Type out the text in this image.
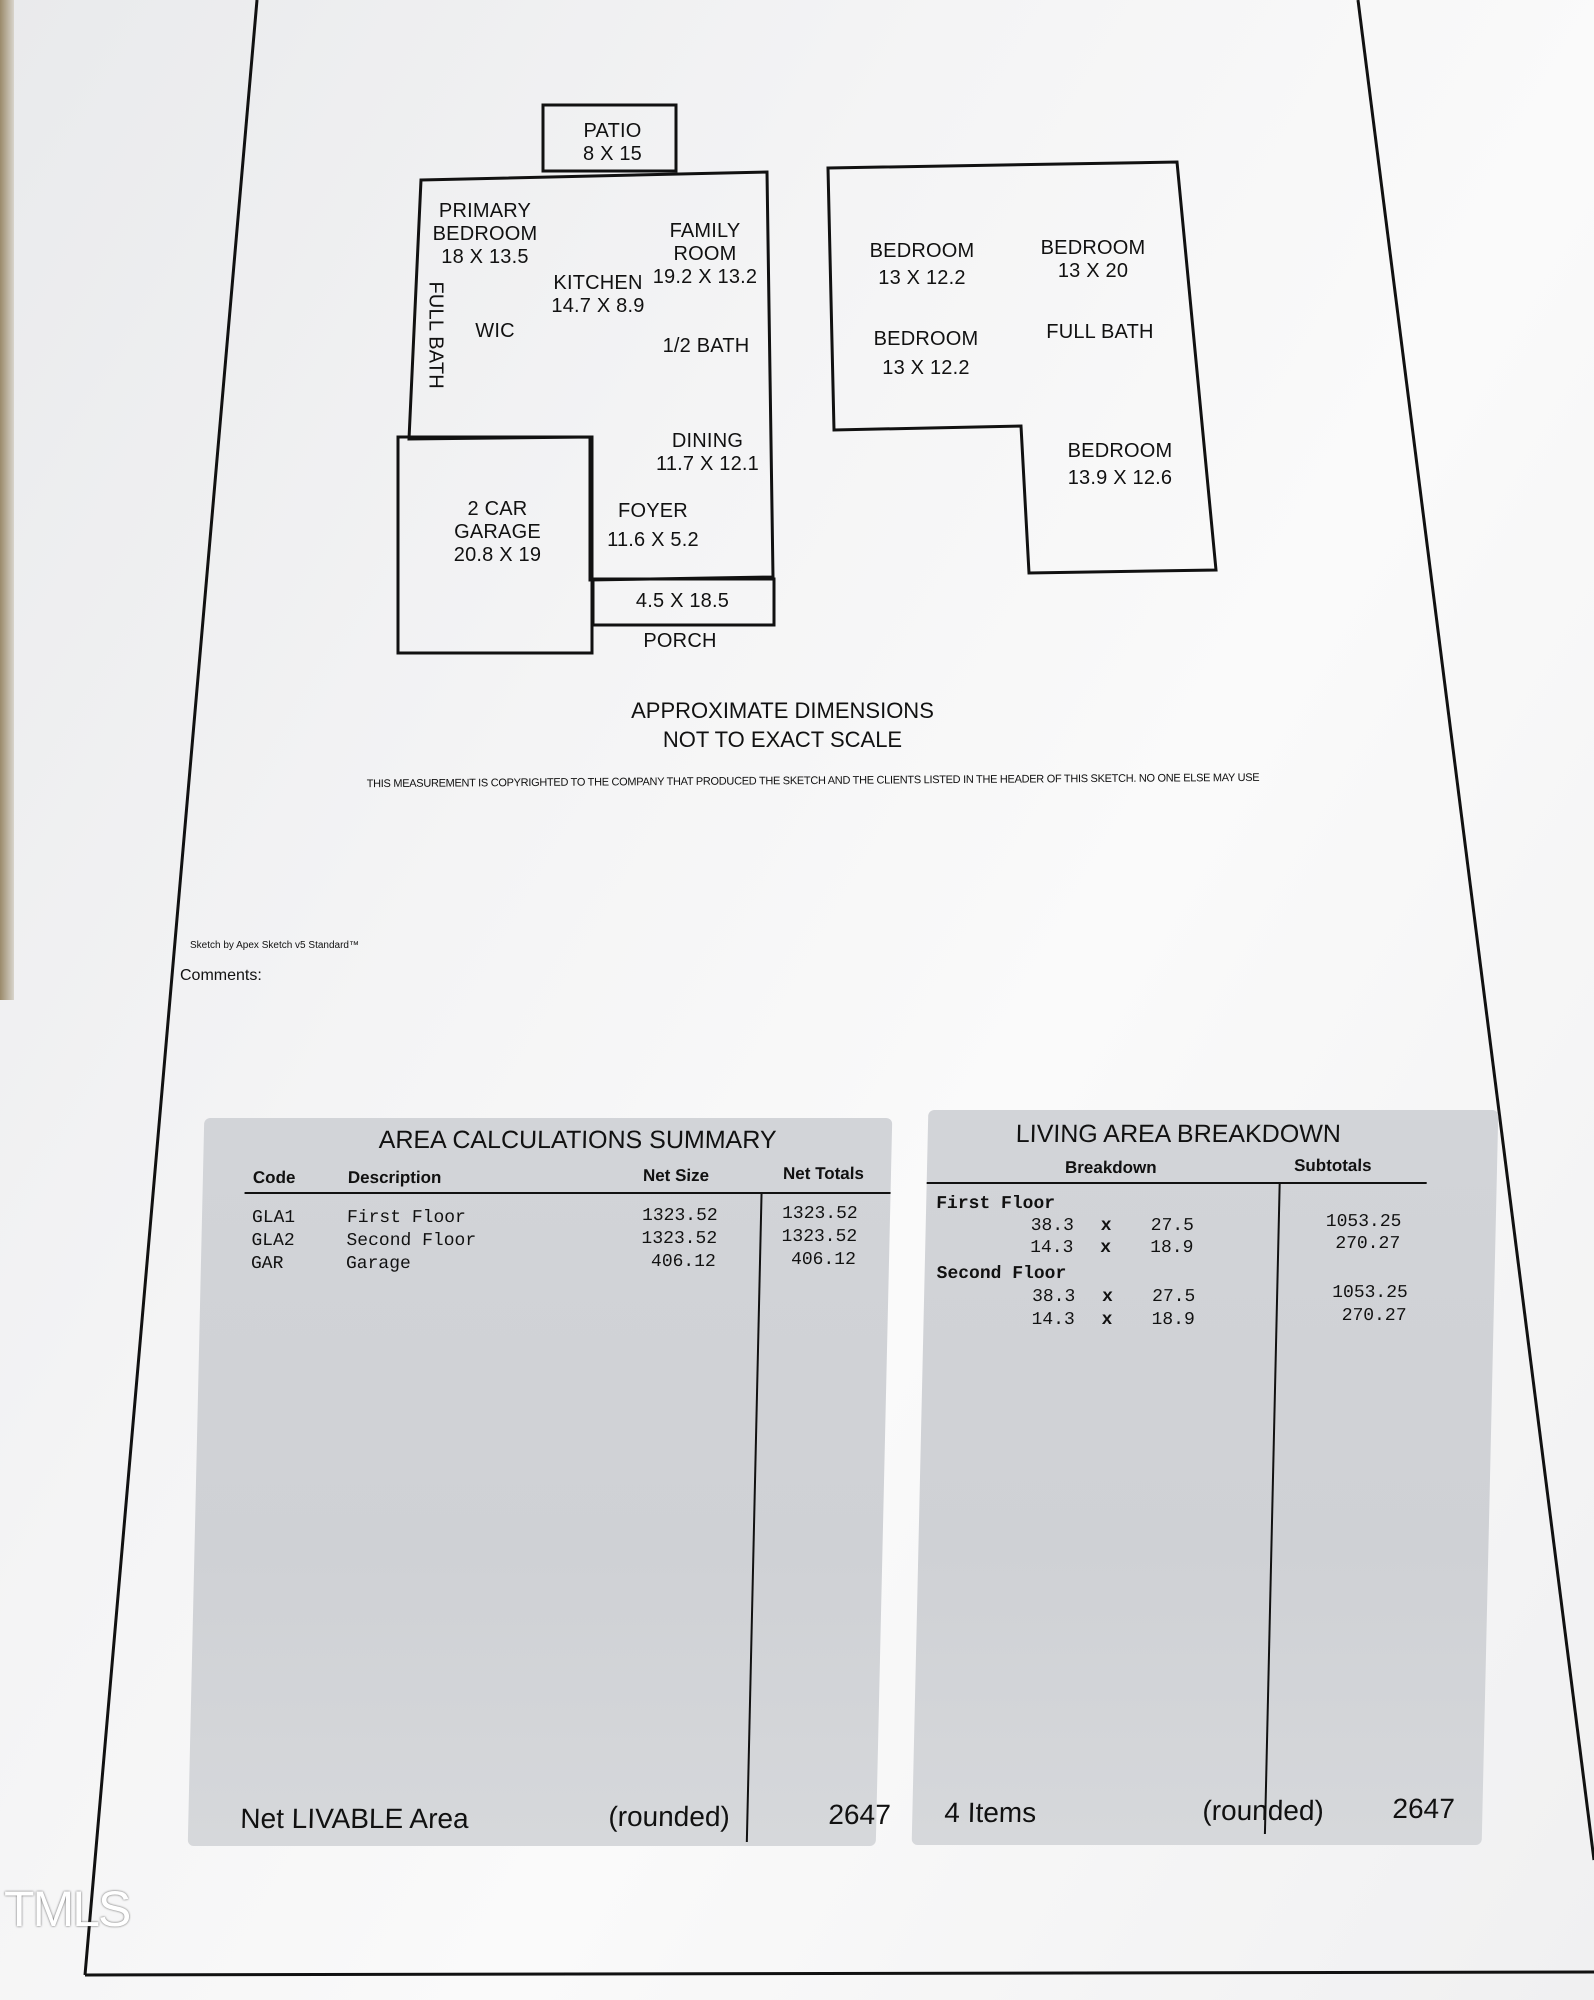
PATIO
8 X 15
PRIMARY
BEDROOM
18 X 13.5
FAMILY
ROOM
19.2 X 13.2
KITCHEN
14.7 X 8.9
FULL BATH WIC
1/2 BATH
DINING
11.7 X 12.1
2 CAR
GARAGE
20.8 X 19
FOYER
11.6 X 5.2
4.5 X 18.5
PORCH
BEDROOM
13 X 12.2
BEDROOM
13 X 20
BEDROOM
13 X 12.2
FULL BATH
BEDROOM
13.9 X 12.6
APPROXIMATE DIMENSIONS
NOT TO EXACT SCALE
THIS MEASUREMENT IS COPYRIGHTED TO THE COMPANY THAT PRODUCED THE SKETCH AND THE CLIENTS LISTED IN THE HEADER OF THIS SKETCH. NO ONE ELSE MAY USE
Sketch by Apex Sketch v5 Standard™
Comments:
AREA CALCULATIONS SUMMARY
Code	Description	Net Size	Net Totals
GLA1	First Floor	1323.52	1323.52
GLA2	Second Floor	1323.52	1323.52
GAR	Garage	406.12	406.12
Net LIVABLE Area	(rounded)	2647
LIVING AREA BREAKDOWN
Breakdown	Subtotals
First Floor
38.3 x 27.5	1053.25
14.3 x 18.9	270.27
Second Floor
38.3 x 27.5	1053.25
14.3 x 18.9	270.27
4 Items	(rounded) 2647
TMLS
